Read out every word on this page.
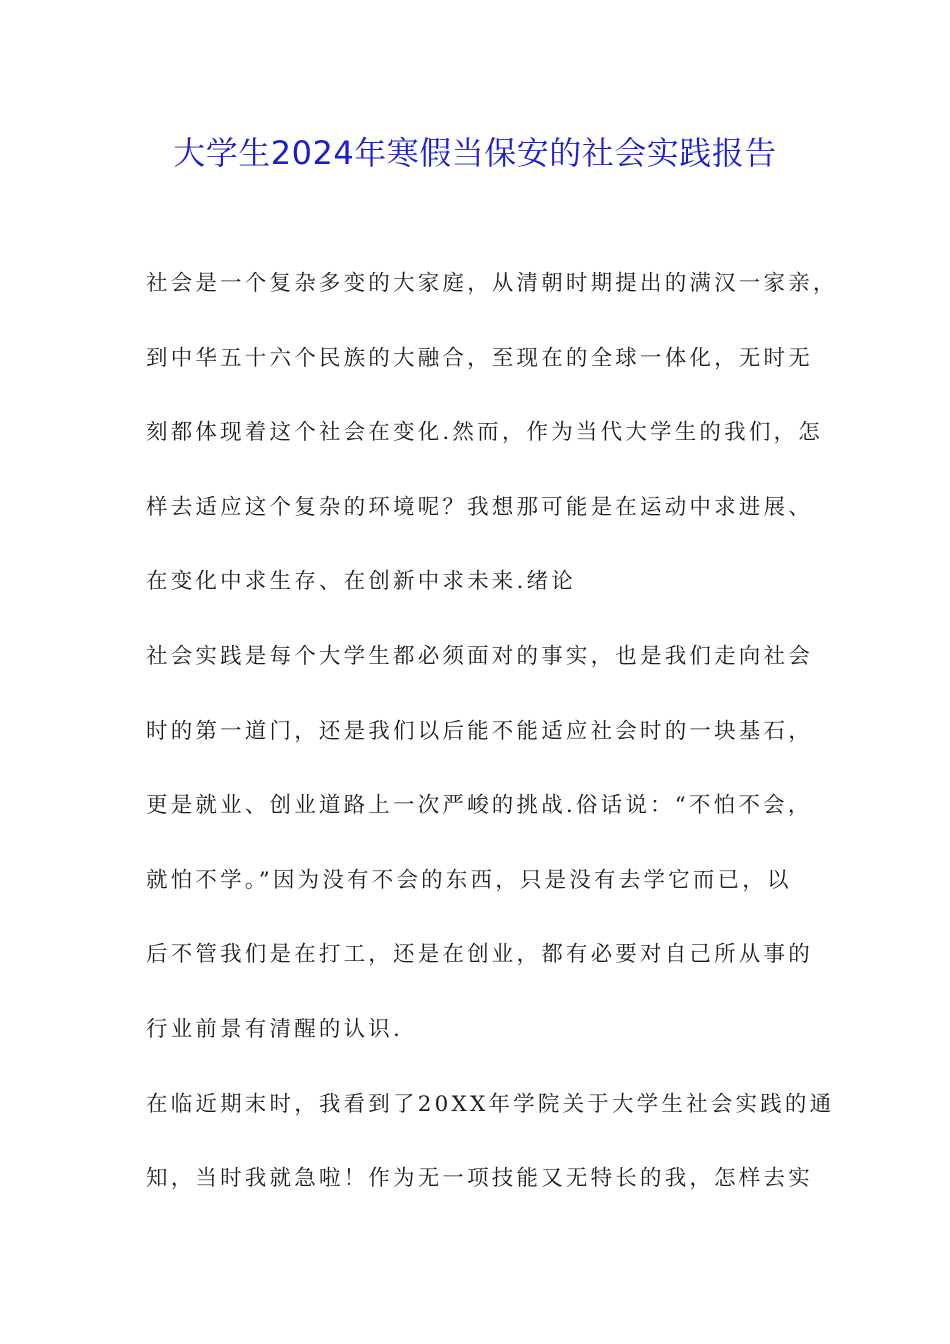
大学生2024年寒假当保安的社会实践报告
社会是一个复杂多变的大家庭，从清朝时期提出的满汉一家亲，
到中华五十六个民族的大融合，至现在的全球一体化，无时无
刻都体现着这个社会在变化.然而，作为当代大学生的我们，怎
样去适应这个复杂的环境呢？我想那可能是在运动中求进展、
在变化中求生存、在创新中求未来.绪论
社会实践是每个大学生都必须面对的事实，也是我们走向社会
时的第一道门，还是我们以后能不能适应社会时的一块基石，
更是就业、创业道路上一次严峻的挑战.俗话说：“不怕不会，
就怕不学。”因为没有不会的东西，只是没有去学它而已，以
后不管我们是在打工，还是在创业，都有必要对自己所从事的
行业前景有清醒的认识.
在临近期末时，我看到了20XX年学院关于大学生社会实践的通
知，当时我就急啦！作为无一项技能又无特长的我，怎样去实
